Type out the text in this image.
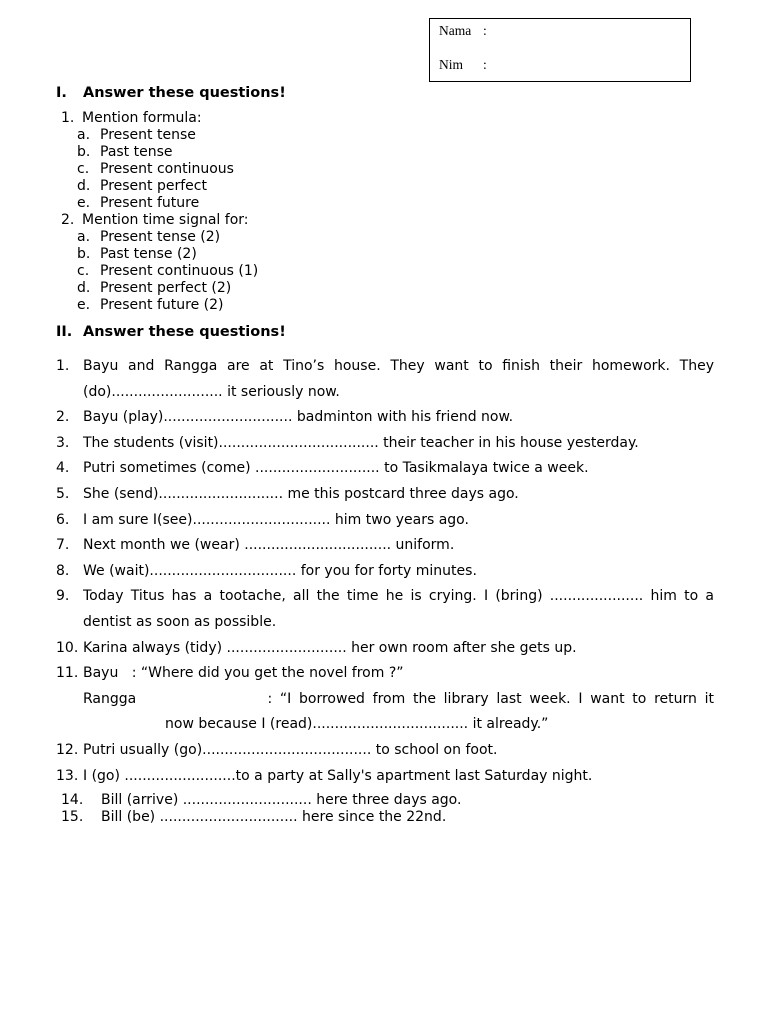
Nama :
Nim :
I. Answer these questions!
1. Mention formula:
a. Present tense
b. Past tense
c. Present continuous
d. Present perfect
e. Present future
2. Mention time signal for:
a. Present tense (2)
b. Past tense (2)
c. Present continuous (1)
d. Present perfect (2)
e. Present future (2)
II. Answer these questions!
1. Bayu and Rangga are at Tino’s house. They want to finish their homework. They (do)......................... it seriously now.
2. Bayu (play)............................. badminton with his friend now.
3. The students (visit).................................... their teacher in his house yesterday.
4. Putri sometimes (come) ............................ to Tasikmalaya twice a week.
5. She (send)............................ me this postcard three days ago.
6. I am sure I(see)............................... him two years ago.
7. Next month we (wear) ................................. uniform.
8. We (wait)................................. for you for forty minutes.
9. Today Titus has a tootache, all the time he is crying. I (bring) ..................... him to a dentist as soon as possible.
10. Karina always (tidy) ........................... her own room after she gets up.
11. Bayu   : “Where did you get the novel from ?”
Rangga                 : “I borrowed from the library last week. I want to return it
now because I (read)................................... it already.”
12. Putri usually (go)...................................... to school on foot.
13. I (go) .........................to a party at Sally's apartment last Saturday night.
14. Bill (arrive) ............................. here three days ago.
15. Bill (be) ............................... here since the 22nd.
